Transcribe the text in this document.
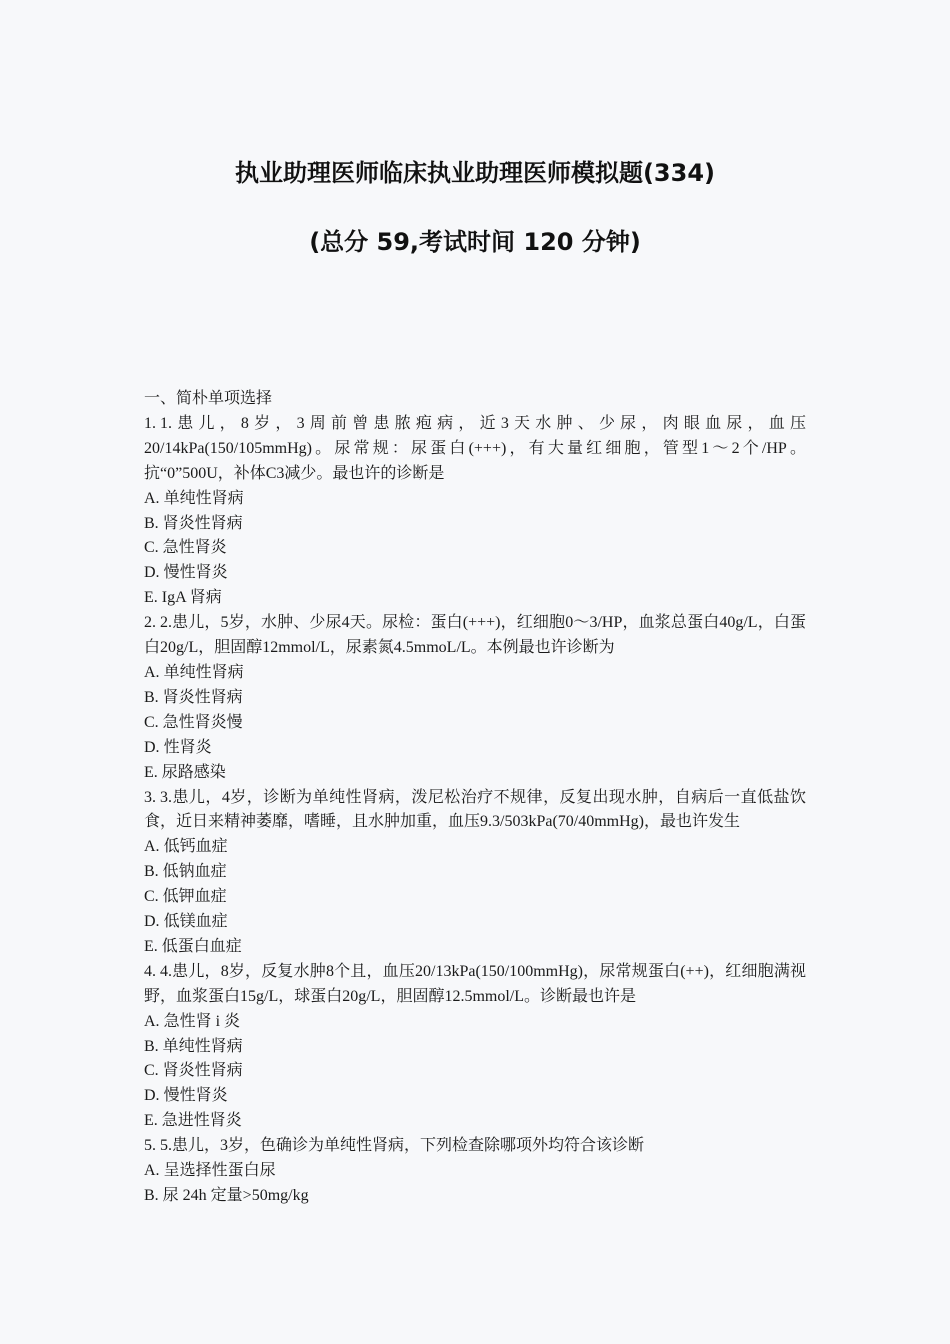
执业助理医师临床执业助理医师模拟题(334)
(总分 59,考试时间 120 分钟)

一、简朴单项选择

1. 1.患儿，8岁，3周前曾患脓疱病，近3天水肿、少尿，肉眼血尿，血压20/14kPa(150/105mmHg)。尿常规：尿蛋白(+++)，有大量红细胞，管型1～2个/HP。抗“0”500U，补体C3减少。最也许的诊断是

A. 单纯性肾病

B. 肾炎性肾病

C. 急性肾炎

D. 慢性肾炎

E. IgA 肾病

2. 2.患儿，5岁，水肿、少尿4天。尿检：蛋白(+++)，红细胞0～3/HP，血浆总蛋白40g/L，白蛋白20g/L，胆固醇12mmol/L，尿素氮4.5mmoL/L。本例最也许诊断为

A. 单纯性肾病

B. 肾炎性肾病

C. 急性肾炎慢

D. 性肾炎

E. 尿路感染

3. 3.患儿，4岁，诊断为单纯性肾病，泼尼松治疗不规律，反复出现水肿，自病后一直低盐饮食，近日来精神萎靡，嗜睡，且水肿加重，血压9.3/503kPa(70/40mmHg)，最也许发生

A. 低钙血症

B. 低钠血症

C. 低钾血症

D. 低镁血症

E. 低蛋白血症

4. 4.患儿，8岁，反复水肿8个且，血压20/13kPa(150/100mmHg)，尿常规蛋白(++)，红细胞满视野，血浆蛋白15g/L，球蛋白20g/L，胆固醇12.5mmol/L。诊断最也许是

A. 急性肾 i 炎

B. 单纯性肾病

C. 肾炎性肾病

D. 慢性肾炎

E. 急进性肾炎

5. 5.患儿，3岁，色确诊为单纯性肾病，下列检查除哪项外均符合该诊断

A. 呈选择性蛋白尿

B. 尿 24h 定量>50mg/kg
